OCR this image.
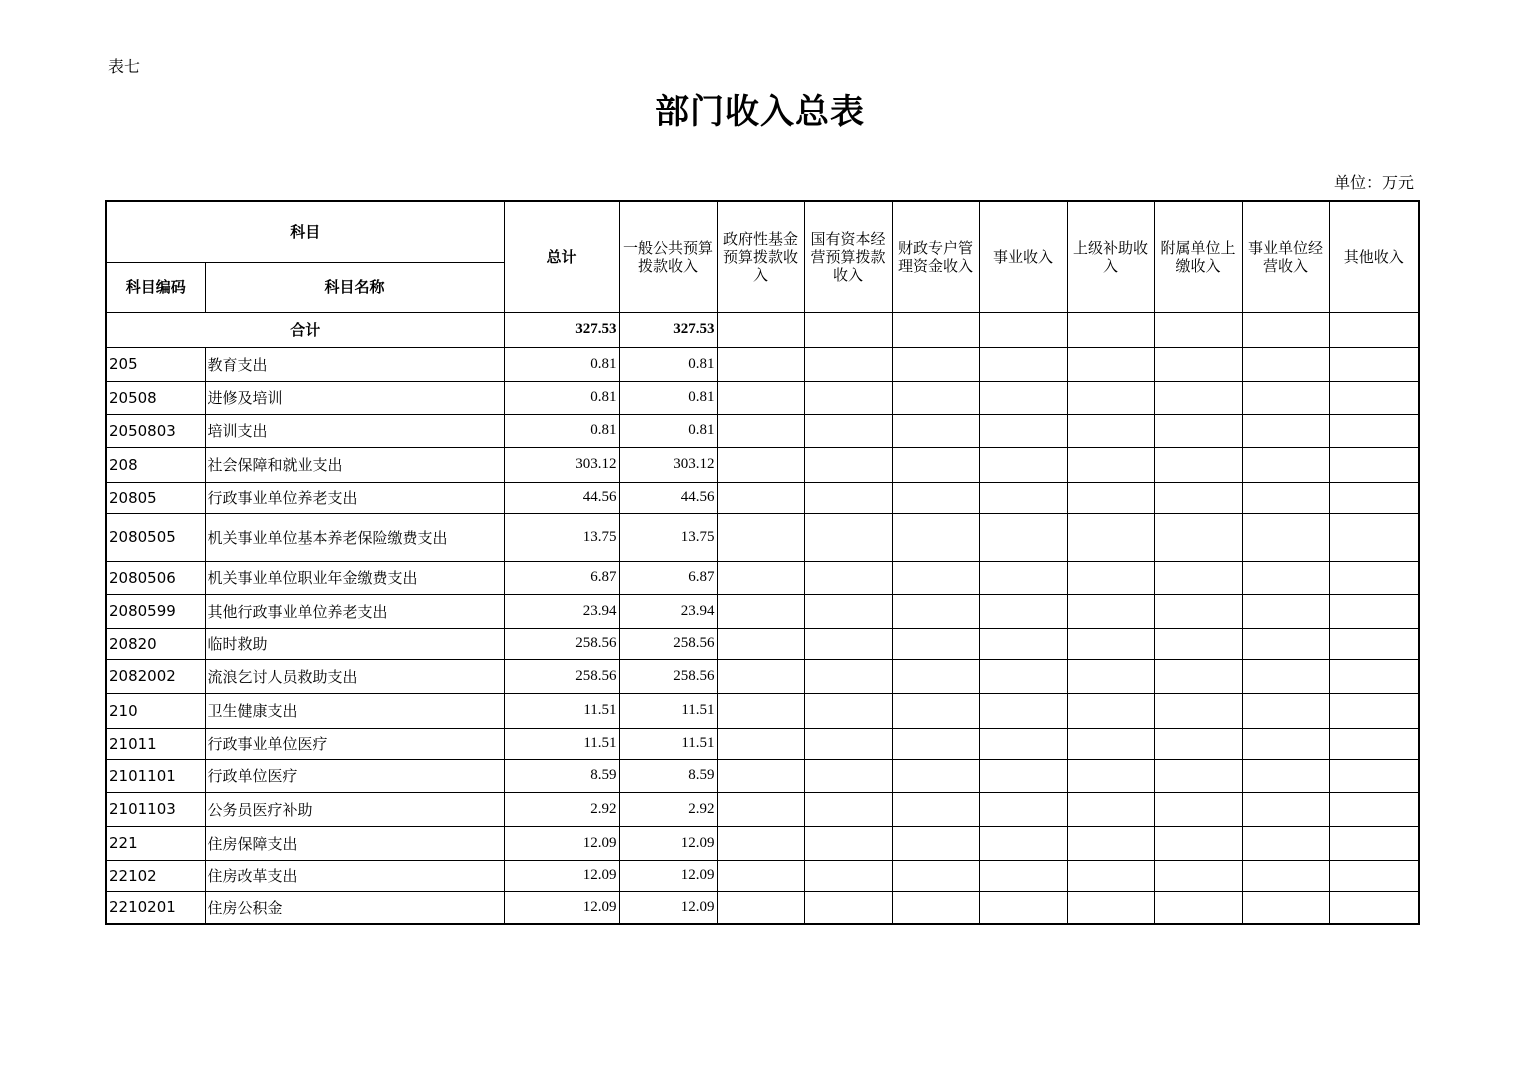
表七
部门收入总表
单位：万元
科目		总计	一般公共预算拨款收入	政府性基金预算拨款收入	国有资本经营预算拨款收入	财政专户管理资金收入	事业收入	上级补助收入	附属单位上缴收入	事业单位经营收入	其他收入
科目编码	科目名称										
合计		327.53	327.53								
205	教育支出	0.81	0.81								
20508	进修及培训	0.81	0.81								
2050803	培训支出	0.81	0.81								
208	社会保障和就业支出	303.12	303.12								
20805	行政事业单位养老支出	44.56	44.56								
2080505	机关事业单位基本养老保险缴费支出	13.75	13.75								
2080506	机关事业单位职业年金缴费支出	6.87	6.87								
2080599	其他行政事业单位养老支出	23.94	23.94								
20820	临时救助	258.56	258.56								
2082002	流浪乞讨人员救助支出	258.56	258.56								
210	卫生健康支出	11.51	11.51								
21011	行政事业单位医疗	11.51	11.51								
2101101	行政单位医疗	8.59	8.59								
2101103	公务员医疗补助	2.92	2.92								
221	住房保障支出	12.09	12.09								
22102	住房改革支出	12.09	12.09								
2210201	住房公积金	12.09	12.09								
